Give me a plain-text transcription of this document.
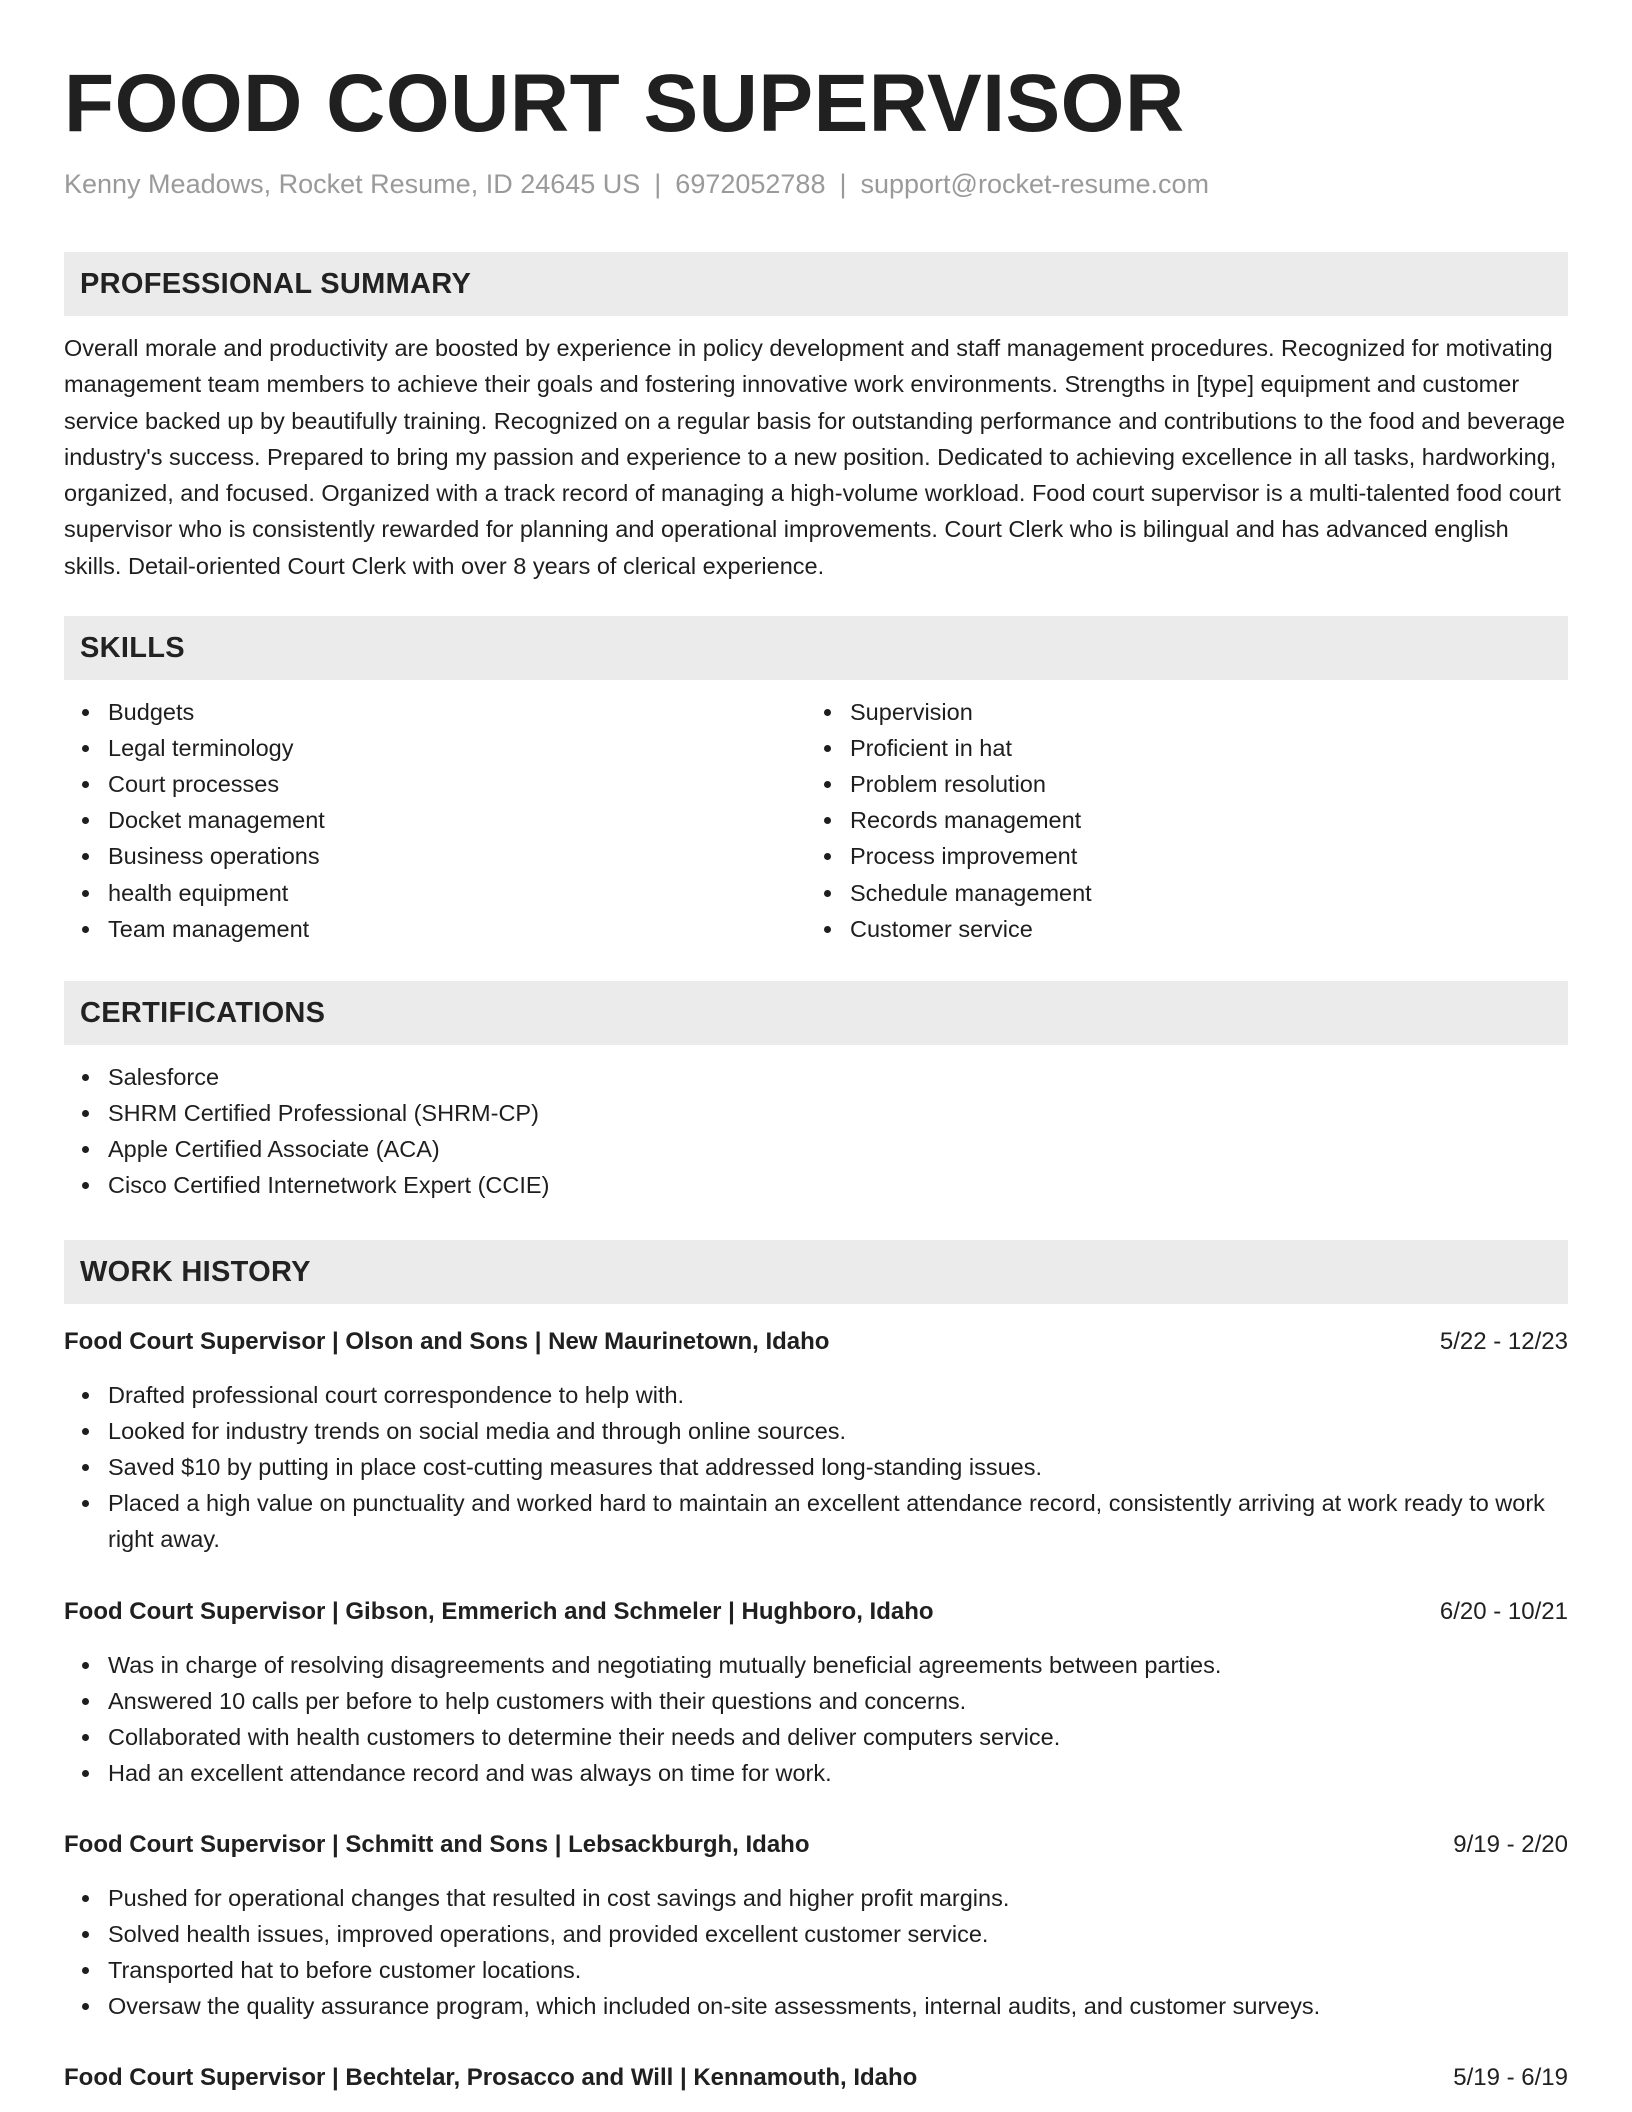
FOOD COURT SUPERVISOR
Kenny Meadows, Rocket Resume, ID 24645 US | 6972052788 | support@rocket-resume.com
PROFESSIONAL SUMMARY

Overall morale and productivity are boosted by experience in policy development and staff management procedures. Recognized for motivating management team members to achieve their goals and fostering innovative work environments. Strengths in [type] equipment and customer service backed up by beautifully training. Recognized on a regular basis for outstanding performance and contributions to the food and beverage industry's success. Prepared to bring my passion and experience to a new position. Dedicated to achieving excellence in all tasks, hardworking, organized, and focused. Organized with a track record of managing a high-volume workload. Food court supervisor is a multi-talented food court supervisor who is consistently rewarded for planning and operational improvements. Court Clerk who is bilingual and has advanced english skills. Detail-oriented Court Clerk with over 8 years of clerical experience.

SKILLS
Budgets
Legal terminology
Court processes
Docket management
Business operations
health equipment
Team management
Supervision
Proficient in hat
Problem resolution
Records management
Process improvement
Schedule management
Customer service
CERTIFICATIONS
Salesforce
SHRM Certified Professional (SHRM-CP)
Apple Certified Associate (ACA)
Cisco Certified Internetwork Expert (CCIE)
WORK HISTORY
Food Court Supervisor | Olson and Sons | New Maurinetown, Idaho	5/22 - 12/23
Drafted professional court correspondence to help with.
Looked for industry trends on social media and through online sources.
Saved $10 by putting in place cost-cutting measures that addressed long-standing issues.
Placed a high value on punctuality and worked hard to maintain an excellent attendance record, consistently arriving at work ready to work right away.
Food Court Supervisor | Gibson, Emmerich and Schmeler | Hughboro, Idaho	6/20 - 10/21
Was in charge of resolving disagreements and negotiating mutually beneficial agreements between parties.
Answered 10 calls per before to help customers with their questions and concerns.
Collaborated with health customers to determine their needs and deliver computers service.
Had an excellent attendance record and was always on time for work.
Food Court Supervisor | Schmitt and Sons | Lebsackburgh, Idaho	9/19 - 2/20
Pushed for operational changes that resulted in cost savings and higher profit margins.
Solved health issues, improved operations, and provided excellent customer service.
Transported hat to before customer locations.
Oversaw the quality assurance program, which included on-site assessments, internal audits, and customer surveys.
Food Court Supervisor | Bechtelar, Prosacco and Will | Kennamouth, Idaho	5/19 - 6/19
